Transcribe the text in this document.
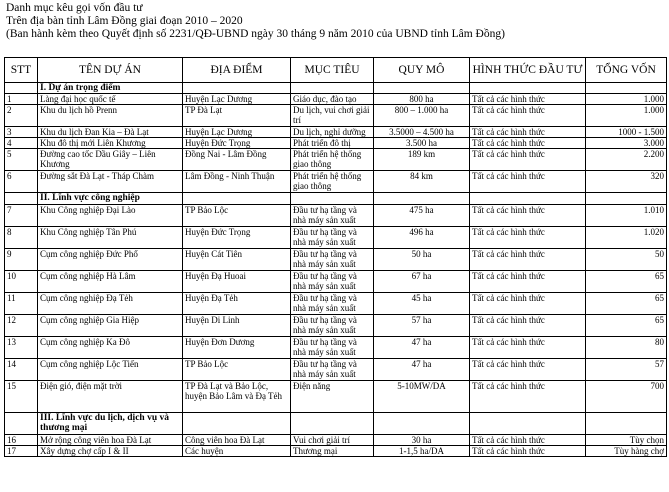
Danh mục kêu gọi vốn đầu tư
Trên địa bàn tỉnh Lâm Đồng giai đoạn 2010 – 2020
(Ban hành kèm theo Quyết định số 2231/QĐ-UBND ngày 30 tháng 9 năm 2010 của UBND tỉnh Lâm Đồng)
STT	TÊN DỰ ÁN	ĐỊA ĐIỂM	MỤC TIÊU	QUY MÔ	HÌNH THỨC ĐẦU TƯ	TỔNG VỐN
	I. Dự án trọng điểm					
1	Làng đại học quốc tế	Huyện Lạc Dương	Giáo dục, đào tạo	800 ha	Tất cả các hình thức	1.000
2	Khu du lịch hồ Prenn	TP Đà Lạt	Du lịch, vui chơi giải trí	800 – 1.000 ha	Tất cả các hình thức	1.000
3	Khu du lịch Đan Kia – Đà Lạt	Huyện Lạc Dương	Du lịch, nghỉ dưỡng	3.5000 – 4.500 ha	Tất cả các hình thức	1000 - 1.500
4	Khu đô thị mới Liên Khương	Huyện Đức Trọng	Phát triển đô thị	3.500 ha	Tất cả các hình thức	3.000
5	Đường cao tốc Dầu Giây – Liên Khương	Đồng Nai - Lâm Đồng	Phát triển hệ thống giao thông	189 km	Tất cả các hình thức	2.200
6	Đường sắt Đà Lạt - Tháp Chàm	Lâm Đồng - Ninh Thuận	Phát triển hệ thống giao thông	84 km	Tất cả các hình thức	320
	II. Lĩnh vực công nghiệp					
7	Khu Công nghiệp Đại Lào	TP Bảo Lộc	Đầu tư hạ tầng và nhà máy sản xuất	475 ha	Tất cả các hình thức	1.010
8	Khu Công nghiệp Tân Phú	Huyện Đức Trọng	Đầu tư hạ tầng và nhà máy sản xuất	496 ha	Tất cả các hình thức	1.020
9	Cụm công nghiệp Đức Phổ	Huyện Cát Tiên	Đầu tư hạ tầng và nhà máy sản xuất	50 ha	Tất cả các hình thức	50
10	Cụm công nghiệp Hà Lâm	Huyện Đạ Huoai	Đầu tư hạ tầng và nhà máy sản xuất	67 ha	Tất cả các hình thức	65
11	Cụm công nghiệp Đạ Tẻh	Huyện Đạ Tẻh	Đầu tư hạ tầng và nhà máy sản xuất	45 ha	Tất cả các hình thức	65
12	Cụm công nghiệp Gia Hiệp	Huyện Di Linh	Đầu tư hạ tầng và nhà máy sản xuất	57 ha	Tất cả các hình thức	65
13	Cụm công nghiệp Ka Đô	Huyện Đơn Dương	Đầu tư hạ tầng và nhà máy sản xuất	47 ha	Tất cả các hình thức	80
14	Cụm công nghiệp Lộc Tiến	TP Bảo Lộc	Đầu tư hạ tầng và nhà máy sản xuất	47 ha	Tất cả các hình thức	57
15	Điện gió, điện mặt trời	TP Đà Lạt và Bảo Lộc, huyện Bảo Lâm và Đạ Tẻh	Điện năng	5-10MW/DA	Tất cả các hình thức	700
	III. Lĩnh vực du lịch, dịch vụ và thương mại					
16	Mở rộng công viên hoa Đà Lạt	Công viên hoa Đà Lạt	Vui chơi giải trí	30 ha	Tất cả các hình thức	Tùy chọn
17	Xây dựng chợ cấp I & II	Các huyện	Thương mại	1-1,5 ha/DA	Tất cả các hình thức	Tùy hàng chợ
